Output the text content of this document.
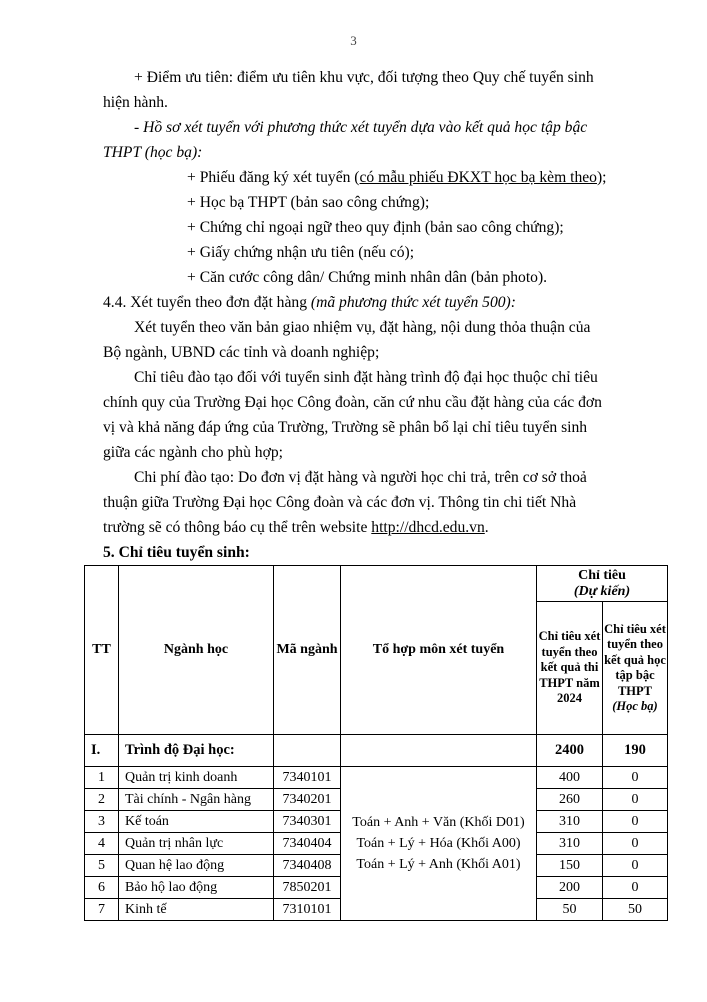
3
+ Điểm ưu tiên: điểm ưu tiên khu vực, đối tượng theo Quy chế tuyển sinh
hiện hành.
- Hồ sơ xét tuyển với phương thức xét tuyển dựa vào kết quả học tập bậc
THPT (học bạ):
+ Phiếu đăng ký xét tuyển (có mẫu phiếu ĐKXT học bạ kèm theo);
+ Học bạ THPT (bản sao công chứng);
+ Chứng chỉ ngoại ngữ theo quy định (bản sao công chứng);
+ Giấy chứng nhận ưu tiên (nếu có);
+ Căn cước công dân/ Chứng minh nhân dân (bản photo).
4.4. Xét tuyển theo đơn đặt hàng (mã phương thức xét tuyển 500):
Xét tuyển theo văn bản giao nhiệm vụ, đặt hàng, nội dung thỏa thuận của
Bộ ngành, UBND các tỉnh và doanh nghiệp;
Chỉ tiêu đào tạo đối với tuyển sinh đặt hàng trình độ đại học thuộc chỉ tiêu
chính quy của Trường Đại học Công đoàn, căn cứ nhu cầu đặt hàng của các đơn
vị và khả năng đáp ứng của Trường, Trường sẽ phân bổ lại chỉ tiêu tuyển sinh
giữa các ngành cho phù hợp;
Chi phí đào tạo: Do đơn vị đặt hàng và người học chi trả, trên cơ sở thoả
thuận giữa Trường Đại học Công đoàn và các đơn vị. Thông tin chi tiết Nhà
trường sẽ có thông báo cụ thể trên website http://dhcd.edu.vn.
5. Chỉ tiêu tuyển sinh:
TT	Ngành học	Mã ngành	Tổ hợp môn xét tuyển	Chỉ tiêu
(Dự kiến)	

				Chỉ tiêu xét tuyển theo kết quả thi THPT năm 2024	Chỉ tiêu xét tuyển theo kết quả học tập bậc THPT
(Học bạ)

I.	Trình độ Đại học:			2400	190
1	Quản trị kinh doanh	7340101	Toán + Anh + Văn (Khối D01)
Toán + Lý + Hóa (Khối A00)
Toán + Lý + Anh (Khối A01)	400	0
2	Tài chính - Ngân hàng	7340201		260	0
3	Kế toán	7340301		310	0
4	Quản trị nhân lực	7340404		310	0
5	Quan hệ lao động	7340408		150	0
6	Bảo hộ lao động	7850201		200	0
7	Kinh tế	7310101		50	50
